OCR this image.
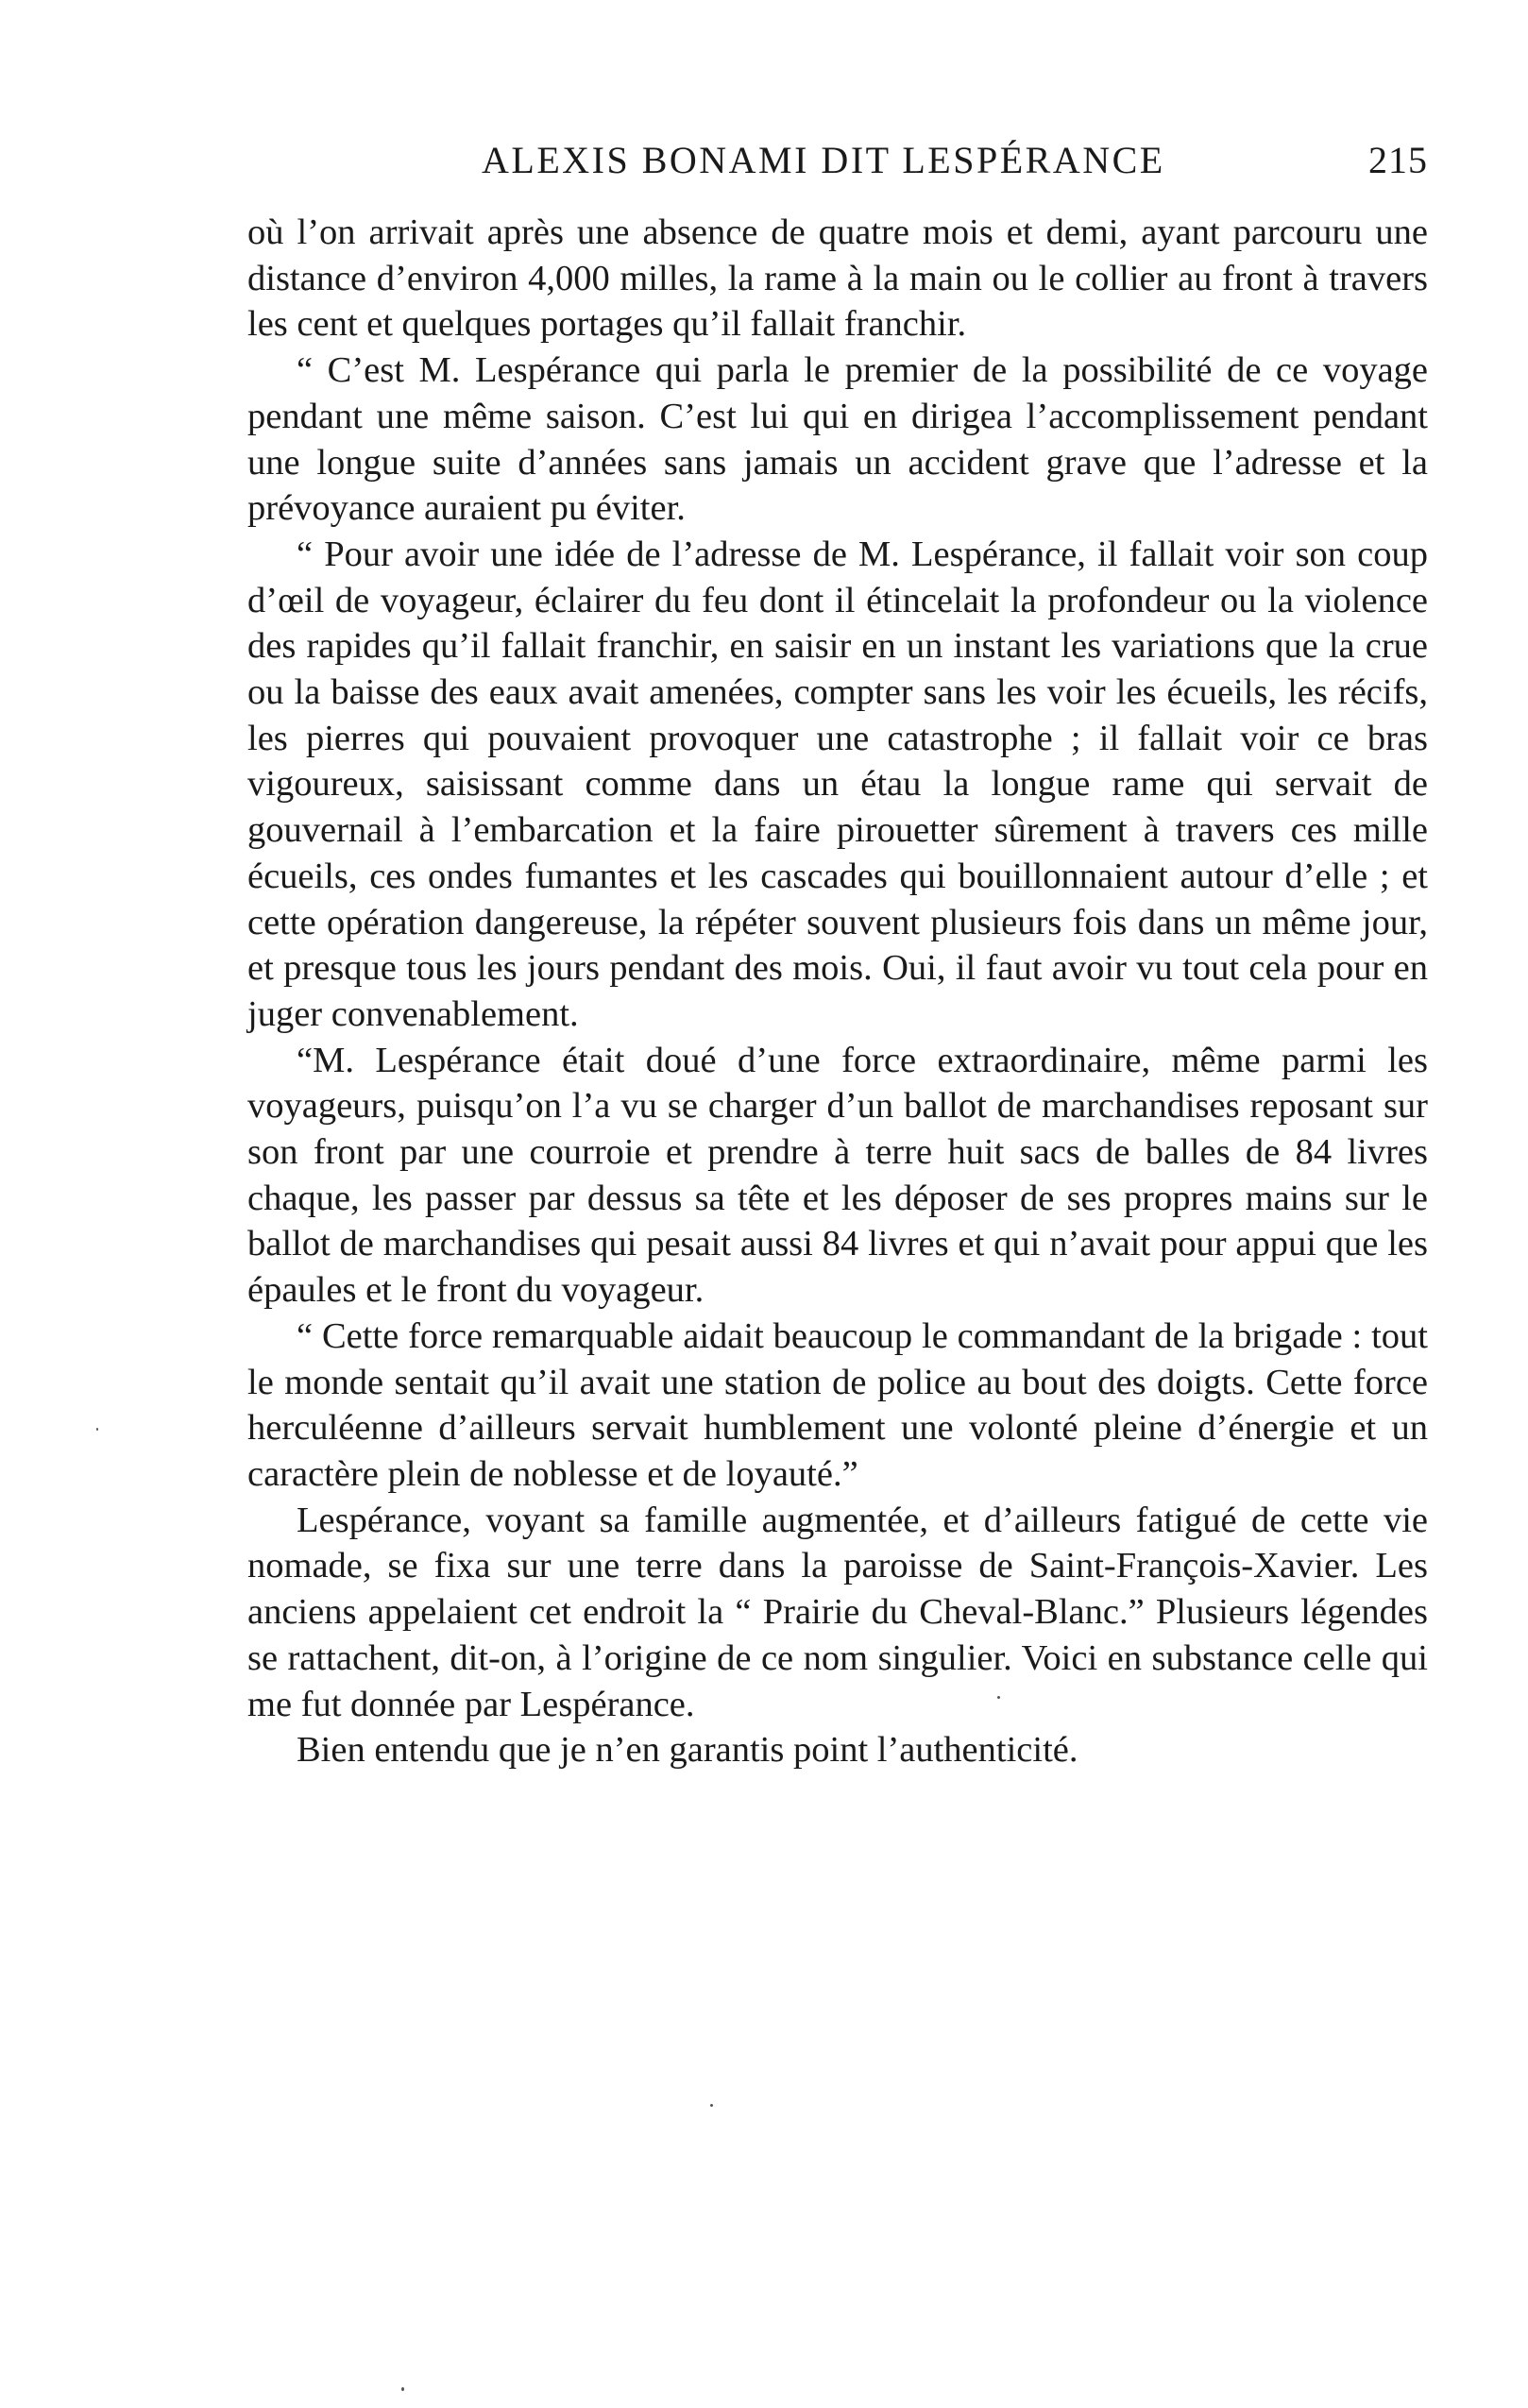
ALEXIS BONAMI DIT LESPÉRANCE	215

où l’on arrivait après une absence de quatre mois et demi, ayant parcouru une distance d’environ 4,000 milles, la rame à la main ou le collier au front à travers les cent et quelques portages qu’il fallait franchir.

“ C’est M. Lespérance qui parla le premier de la possibilité de ce voyage pendant une même saison. C’est lui qui en dirigea l’accomplissement pendant une longue suite d’années sans jamais un accident grave que l’adresse et la prévoyance auraient pu éviter.

“ Pour avoir une idée de l’adresse de M. Lespérance, il fallait voir son coup d’œil de voyageur, éclairer du feu dont il étincelait la profondeur ou la violence des rapides qu’il fallait franchir, en saisir en un instant les variations que la crue ou la baisse des eaux avait amenées, compter sans les voir les écueils, les récifs, les pierres qui pouvaient provoquer une catastrophe ; il fallait voir ce bras vigoureux, saisissant comme dans un étau la longue rame qui servait de gouvernail à l’embarcation et la faire pirouetter sûrement à travers ces mille écueils, ces ondes fumantes et les cascades qui bouillonnaient autour d’elle ; et cette opération dangereuse, la répéter souvent plusieurs fois dans un même jour, et presque tous les jours pendant des mois. Oui, il faut avoir vu tout cela pour en juger convenablement.

“M. Lespérance était doué d’une force extraordinaire, même parmi les voyageurs, puisqu’on l’a vu se charger d’un ballot de marchandises reposant sur son front par une courroie et prendre à terre huit sacs de balles de 84 livres chaque, les passer par dessus sa tête et les déposer de ses propres mains sur le ballot de marchandises qui pesait aussi 84 livres et qui n’avait pour appui que les épaules et le front du voyageur.

“ Cette force remarquable aidait beaucoup le commandant de la brigade : tout le monde sentait qu’il avait une station de police au bout des doigts. Cette force herculéenne d’ailleurs servait humblement une volonté pleine d’énergie et un caractère plein de noblesse et de loyauté.”

Lespérance, voyant sa famille augmentée, et d’ailleurs fatigué de cette vie nomade, se fixa sur une terre dans la paroisse de Saint-François-Xavier. Les anciens appelaient cet endroit la “ Prairie du Cheval-Blanc.” Plusieurs légendes se rattachent, dit-on, à l’origine de ce nom singulier. Voici en substance celle qui me fut donnée par Lespérance.

Bien entendu que je n’en garantis point l’authenticité.
